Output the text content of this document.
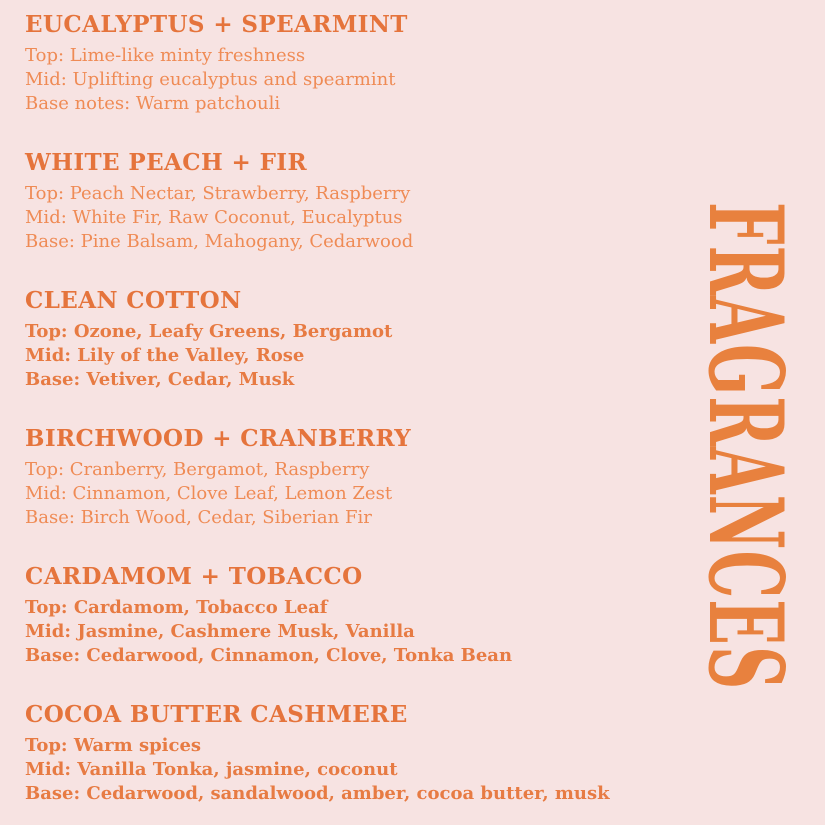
EUCALYPTUS + SPEARMINT
Top: Lime-like minty freshness
Mid: Uplifting eucalyptus and spearmint
Base notes: Warm patchouli
WHITE PEACH + FIR
Top: Peach Nectar, Strawberry, Raspberry
Mid: White Fir, Raw Coconut, Eucalyptus
Base: Pine Balsam, Mahogany, Cedarwood
CLEAN COTTON
Top: Ozone, Leafy Greens, Bergamot
Mid: Lily of the Valley, Rose
Base: Vetiver, Cedar, Musk
BIRCHWOOD + CRANBERRY
Top: Cranberry, Bergamot, Raspberry
Mid: Cinnamon, Clove Leaf, Lemon Zest
Base: Birch Wood, Cedar, Siberian Fir
CARDAMOM + TOBACCO
Top: Cardamom, Tobacco Leaf
Mid: Jasmine, Cashmere Musk, Vanilla
Base: Cedarwood, Cinnamon, Clove, Tonka Bean
COCOA BUTTER CASHMERE
Top: Warm spices
Mid: Vanilla Tonka, jasmine, coconut
Base: Cedarwood, sandalwood, amber, cocoa butter, musk
FRAGRANCES
